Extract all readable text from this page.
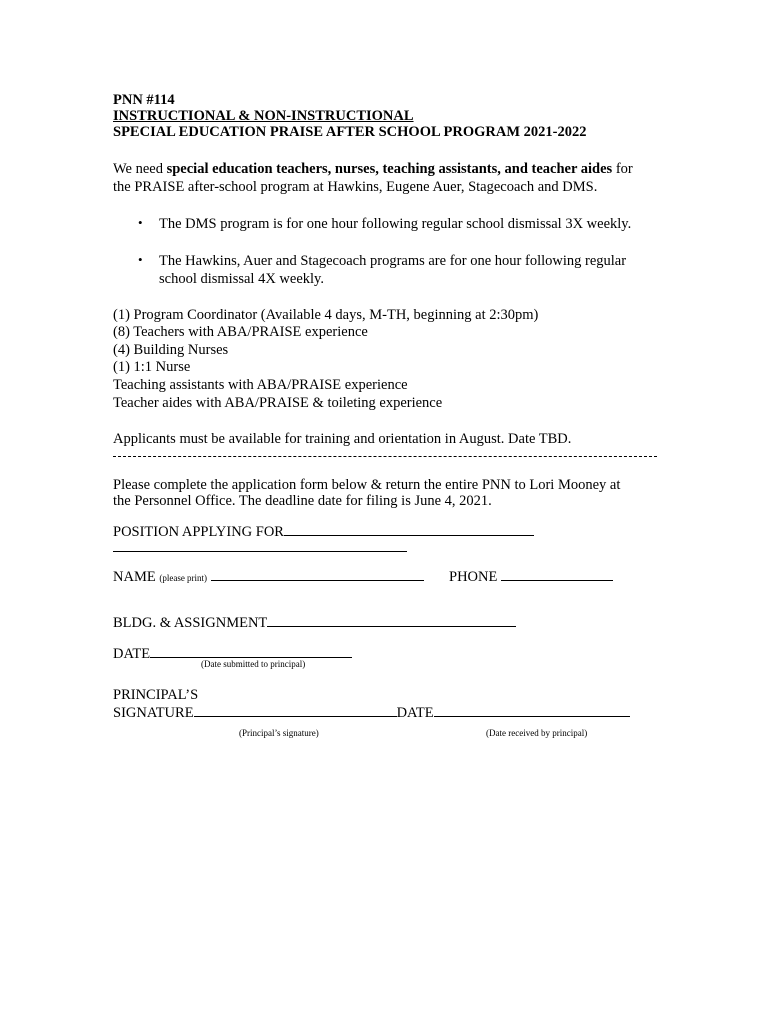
PNN #114
INSTRUCTIONAL & NON-INSTRUCTIONAL
SPECIAL EDUCATION PRAISE AFTER SCHOOL PROGRAM 2021-2022
We need special education teachers, nurses, teaching assistants, and teacher aides for
the PRAISE after-school program at Hawkins, Eugene Auer, Stagecoach and DMS.
• The DMS program is for one hour following regular school dismissal 3X weekly.
• The Hawkins, Auer and Stagecoach programs are for one hour following regular
school dismissal 4X weekly.
(1) Program Coordinator (Available 4 days, M-TH, beginning at 2:30pm)
(8) Teachers with ABA/PRAISE experience
(4) Building Nurses
(1) 1:1 Nurse
Teaching assistants with ABA/PRAISE experience
Teacher aides with ABA/PRAISE & toileting experience
Applicants must be available for training and orientation in August. Date TBD.
Please complete the application form below & return the entire PNN to Lori Mooney at
the Personnel Office. The deadline date for filing is June 4, 2021.
POSITION APPLYING FOR
NAME (please print)	PHONE
BLDG. & ASSIGNMENT
DATE
(Date submitted to principal)
PRINCIPAL’S
SIGNATURE	DATE
(Principal’s signature)	(Date received by principal)
